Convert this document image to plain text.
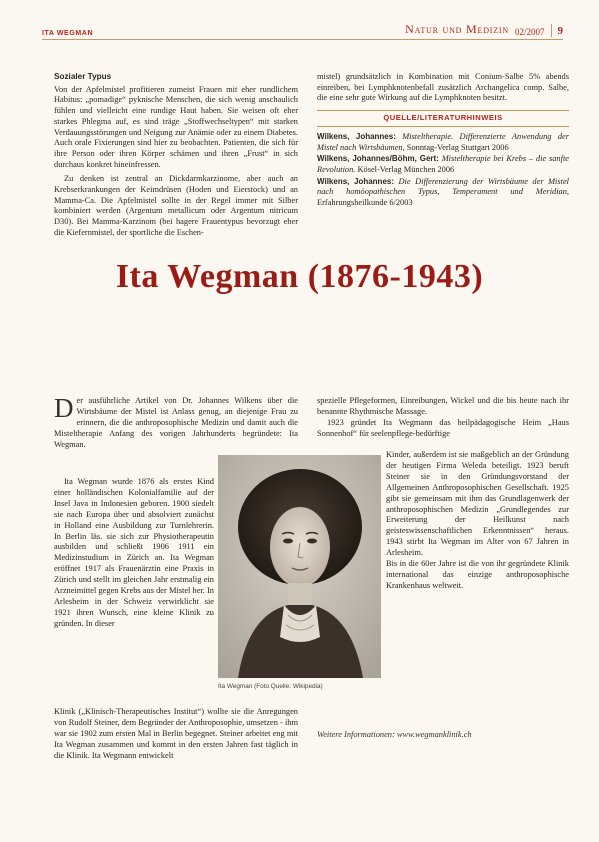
ITA WEGMAN	Natur und Medizin 02/2007 9
Sozialer Typus

Von der Apfelmistel profitieren zumeist Frauen mit eher rundlichem Habitus: „pomadige“ pyknische Menschen, die sich wenig anschaulich fühlen und vielleicht eine rundige Haut haben. Sie weisen oft eher starkes Phlegma auf, es sind träge „Stoffwechseltypen“ mit starken Verdauungsstörungen und Neigung zur Anämie oder zu einem Diabetes. Auch orale Fixierungen sind hier zu beobachten. Patienten, die sich für ihre Person oder ihren Körper schämen und ihren „Frust“ in sich durchaus konkret hineinfressen.

Zu denken ist zentral an Dickdarmkarzinome, aber auch an Krebserkrankungen der Keimdrüsen (Hoden und Eierstock) und an Mamma-Ca. Die Apfelmistel sollte in der Regel immer mit Silber kombiniert werden (Argentum metallicum oder Argentum nitricum D30). Bei Mamma-Karzinom (bei hagere Frauentypus bevorzugt eher die Kiefernmistel, der sportliche die Eschen-

mistel) grundsätzlich in Kombination mit Conium-Salbe 5% abends einreiben, bei Lymphknotenbefall zusätzlich Archangelica comp. Salbe, die eine sehr gute Wirkung auf die Lymphknoten besitzt.

QUELLE/LITERATURHINWEIS
Wilkens, Johannes: Misteltherapie. Differenzierte Anwendung der Mistel nach Wirtsbäumen, Sonntag-Verlag Stuttgart 2006
Wilkens, Johannes/Böhm, Gert: Misteltherapie bei Krebs – die sanfte Revolution. Kösel-Verlag München 2006
Wilkens, Johannes: Die Differenzierung der Wirtsbäume der Mistel nach homöopathischen Typus, Temperament und Meridian, Erfahrungsheilkunde 6/2003
Ita Wegman (1876-1943)

Der ausführliche Artikel von Dr. Johannes Wilkens über die Wirtsbäume der Mistel ist Anlass genug, an diejenige Frau zu erinnern, die die anthroposophische Medizin und damit auch die Misteltherapie Anfang des vorigen Jahrhunderts begründete: Ita Wegman.

Ita Wegman wurde 1876 als erstes Kind einer holländischen Kolonialfamilie auf der Insel Java in Indonesien geboren. 1900 siedelt sie nach Europa über und absolviert zunächst in Holland eine Ausbildung zur Turnlehrerin. In Berlin läs. sie sich zur Physiotherapeutin ausbilden und schließt 1906 1911 ein Medizinstudium in Zürich an. Ita Wegman eröffnet 1917 als Frauenärztin eine Praxis in Zürich und stellt im gleichen Jahr erstmalig ein Arzneimittel gegen Krebs aus der Mistel her. In Arlesheim in der Schweiz verwirklicht sie 1921 ihren Wunsch, eine kleine Klinik zu gründen. In dieser

Klinik („Klinisch-Therapeutisches Institut“) wollte sie die Anregungen von Rudolf Steiner, dem Begründer der Anthroposophie, umsetzen - ihm war sie 1902 zum ersten Mal in Berlin begegnet. Steiner arbeitet eng mit Ita Wegman zusammen und kommt in den ersten Jahren fast täglich in die Klinik. Ita Wegmann entwickelt

spezielle Pflegeformen, Einreibungen, Wickel und die bis heute nach ihr benannte Rhythmische Massage.

1923 gründet Ita Wegmann das heilpädagogische Heim „Haus Sonnenhof“ für seelenpflege-bedürftige

Kinder, außerdem ist sie maßgeblich an der Gründung der heutigen Firma Weleda beteiligt. 1923 beruft Steiner sie in den Gründungsvorstand der Allgemeinen Anthroposophischen Gesellschaft. 1925 gibt sie gemeinsam mit ihm das Grundlagenwerk der anthroposophischen Medizin „Grundlegendes zur Erweiterung der Heilkunst nach geisteswissenschaftlichen Erkenntnissen“ heraus. 1943 stirbt Ita Wegman im Alter von 67 Jahren in Arlesheim.

Bis in die 60er Jahre ist die von ihr gegründete Klinik international das einzige anthroposophische Krankenhaus weltweit.

Weitere Informationen: www.wegmanklinik.ch
Ita Wegman (Foto Quelle: Wikipedia)
